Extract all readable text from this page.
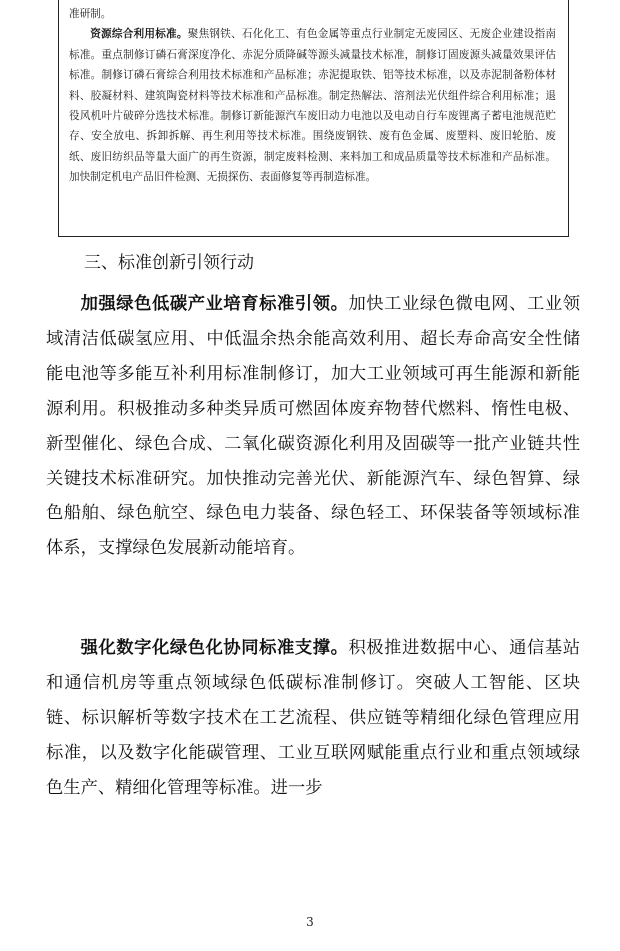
准研制。

资源综合利用标准。聚焦钢铁、石化化工、有色金属等重点行业制定无废园区、无废企业建设指南标准。重点制修订磷石膏深度净化、赤泥分质降碱等源头减量技术标准，制修订固废源头减量效果评估标准。制修订磷石膏综合利用技术标准和产品标准；赤泥提取铁、铝等技术标准，以及赤泥制备粉体材料、胶凝材料、建筑陶瓷材料等技术标准和产品标准。制定热解法、溶剂法光伏组件综合利用标准；退役风机叶片破碎分选技术标准。制修订新能源汽车废旧动力电池以及电动自行车废锂离子蓄电池规范贮存、安全放电、拆卸拆解、再生利用等技术标准。围绕废钢铁、废有色金属、废塑料、废旧轮胎、废纸、废旧纺织品等量大面广的再生资源，制定废料检测、来料加工和成品质量等技术标准和产品标准。加快制定机电产品旧件检测、无损探伤、表面修复等再制造标准。

三、标准创新引领行动

加强绿色低碳产业培育标准引领。加快工业绿色微电网、工业领域清洁低碳氢应用、中低温余热余能高效利用、超长寿命高安全性储能电池等多能互补利用标准制修订，加大工业领域可再生能源和新能源利用。积极推动多种类异质可燃固体废弃物替代燃料、惰性电极、新型催化、绿色合成、二氧化碳资源化利用及固碳等一批产业链共性关键技术标准研究。加快推动完善光伏、新能源汽车、绿色智算、绿色船舶、绿色航空、绿色电力装备、绿色轻工、环保装备等领域标准体系，支撑绿色发展新动能培育。

强化数字化绿色化协同标准支撑。积极推进数据中心、通信基站和通信机房等重点领域绿色低碳标准制修订。突破人工智能、区块链、标识解析等数字技术在工艺流程、供应链等精细化绿色管理应用标准，以及数字化能碳管理、工业互联网赋能重点行业和重点领域绿色生产、精细化管理等标准。进一步

3
